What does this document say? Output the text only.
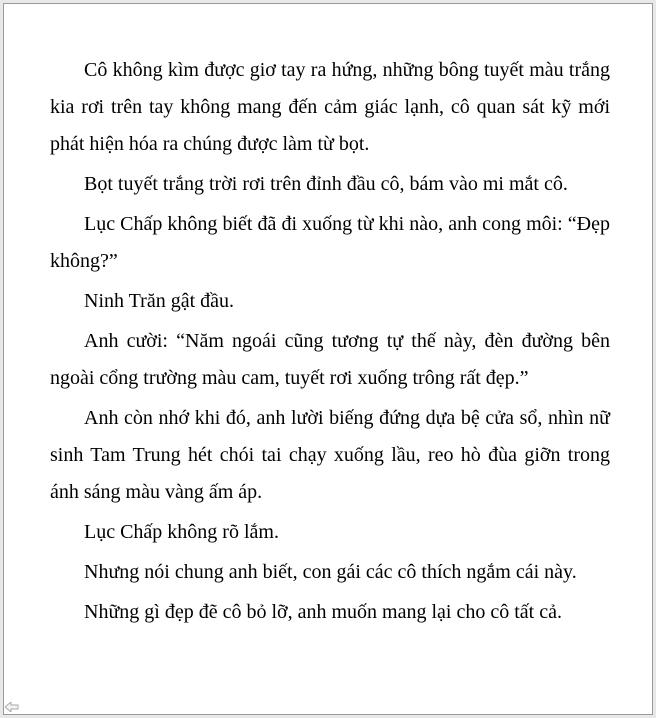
Cô không kìm được giơ tay ra hứng, những bông tuyết màu trắng kia rơi trên tay không mang đến cảm giác lạnh, cô quan sát kỹ mới phát hiện hóa ra chúng được làm từ bọt.

Bọt tuyết trắng trời rơi trên đỉnh đầu cô, bám vào mi mắt cô.

Lục Chấp không biết đã đi xuống từ khi nào, anh cong môi: “Đẹp không?”

Ninh Trăn gật đầu.

Anh cười: “Năm ngoái cũng tương tự thế này, đèn đường bên ngoài cổng trường màu cam, tuyết rơi xuống trông rất đẹp.”

Anh còn nhớ khi đó, anh lười biếng đứng dựa bệ cửa sổ, nhìn nữ sinh Tam Trung hét chói tai chạy xuống lầu, reo hò đùa giỡn trong ánh sáng màu vàng ấm áp.

Lục Chấp không rõ lắm.

Nhưng nói chung anh biết, con gái các cô thích ngắm cái này.

Những gì đẹp đẽ cô bỏ lỡ, anh muốn mang lại cho cô tất cả.
